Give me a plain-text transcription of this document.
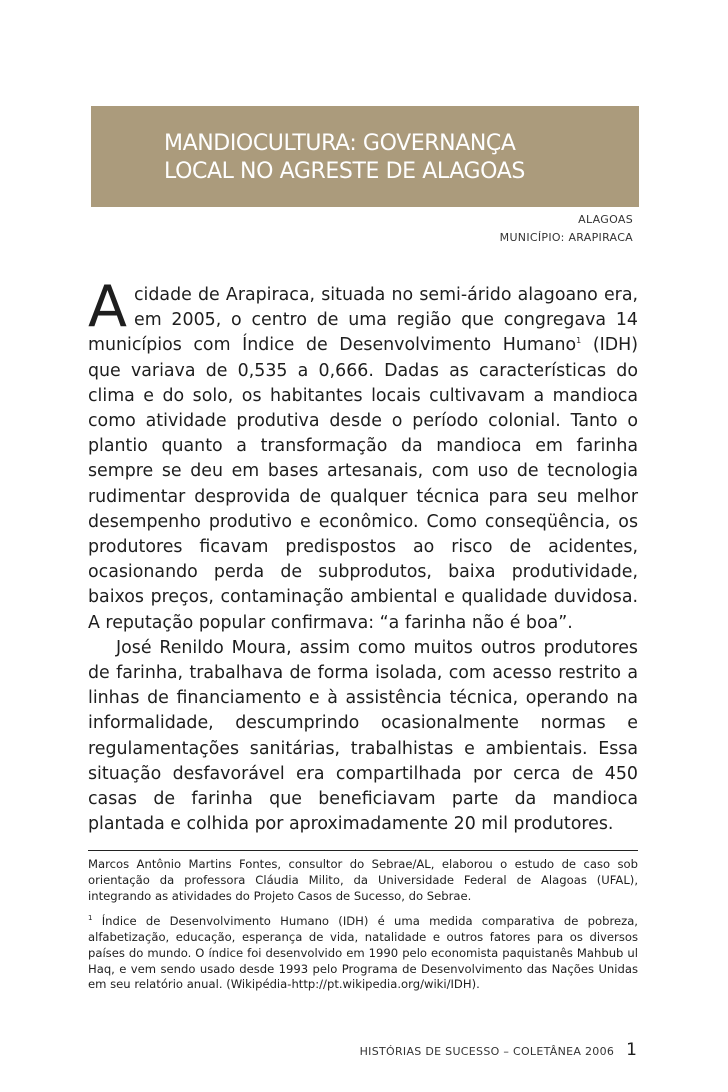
MANDIOCULTURA: GOVERNANÇA
LOCAL NO AGRESTE DE ALAGOAS
ALAGOAS
MUNICÍPIO: ARAPIRACA

A cidade de Arapiraca, situada no semi-árido alagoano era, em 2005, o centro de uma região que congregava 14 municípios com Índice de Desenvolvimento Humano$^1$ (IDH) que variava de 0,535 a 0,666. Dadas as características do clima e do solo, os habitantes locais cultivavam a mandioca como atividade produtiva desde o período colonial. Tanto o plantio quanto a transformação da mandioca em farinha sempre se deu em bases artesanais, com uso de tecnologia rudimentar desprovida de qualquer técnica para seu melhor desempenho produtivo e econômico. Como conseqüência, os produtores ficavam predispostos ao risco de acidentes, ocasionando perda de subprodutos, baixa produtividade, baixos preços, contaminação ambiental e qualidade duvidosa. A reputação popular confirmava: “a farinha não é boa”.

José Renildo Moura, assim como muitos outros produtores de farinha, trabalhava de forma isolada, com acesso restrito a linhas de financiamento e à assistência técnica, operando na informalidade, descumprindo ocasionalmente normas e regulamentações sanitárias, trabalhistas e ambientais. Essa situação desfavorável era compartilhada por cerca de 450 casas de farinha que beneficiavam parte da mandioca plantada e colhida por aproximadamente 20 mil produtores.

Marcos Antônio Martins Fontes, consultor do Sebrae/AL, elaborou o estudo de caso sob orientação da professora Cláudia Milito, da Universidade Federal de Alagoas (UFAL), integrando as atividades do Projeto Casos de Sucesso, do Sebrae.

$^1$ Índice de Desenvolvimento Humano (IDH) é uma medida comparativa de pobreza, alfabetização, educação, esperança de vida, natalidade e outros fatores para os diversos países do mundo. O índice foi desenvolvido em 1990 pelo economista paquistanês Mahbub ul Haq, e vem sendo usado desde 1993 pelo Programa de Desenvolvimento das Nações Unidas em seu relatório anual. (Wikipédia-http://pt.wikipedia.org/wiki/IDH).

HISTÓRIAS DE SUCESSO – COLETÂNEA 2006 1
